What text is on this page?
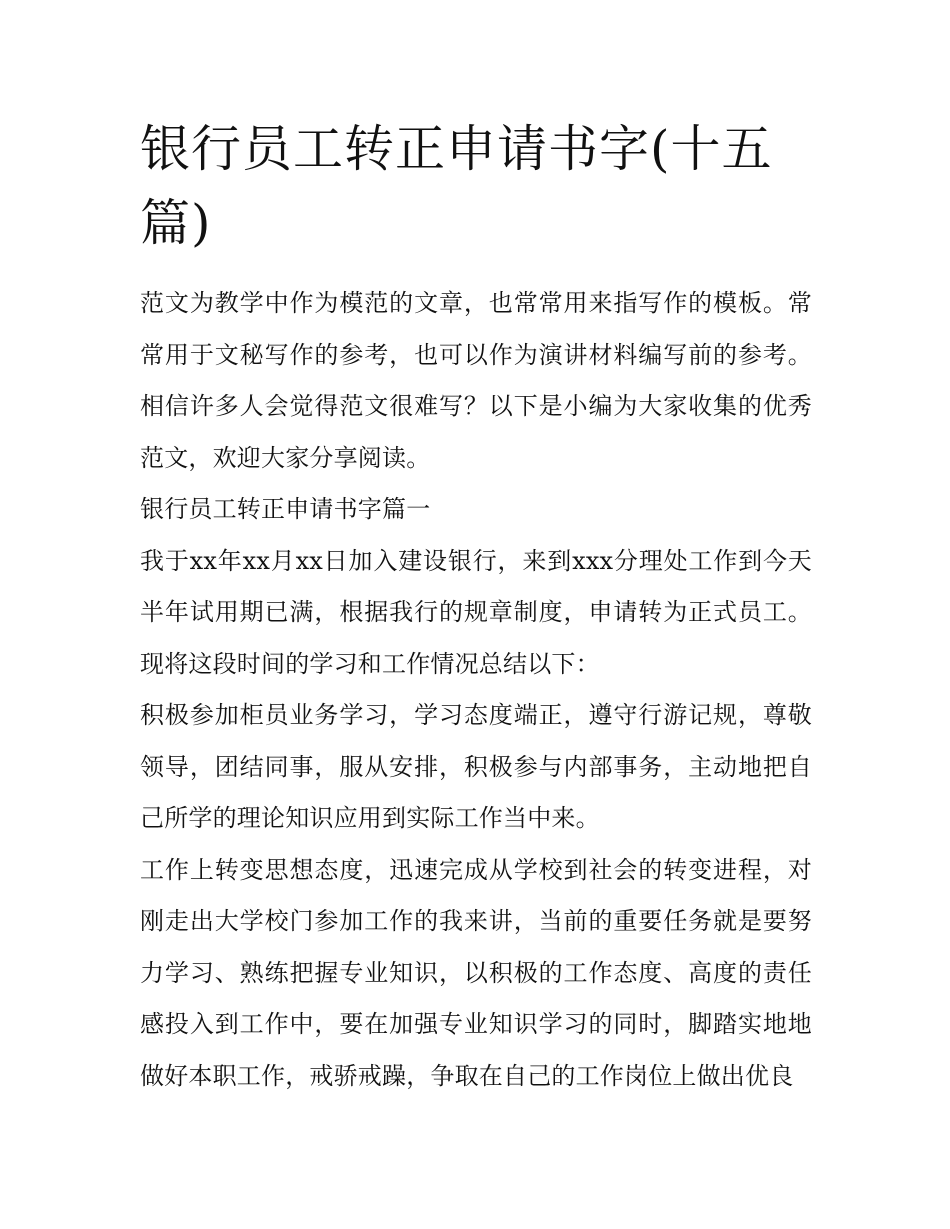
银行员工转正申请书字(十五篇)

范文为教学中作为模范的文章，也常常用来指写作的模板。常常用于文秘写作的参考，也可以作为演讲材料编写前的参考。相信许多人会觉得范文很难写？以下是小编为大家收集的优秀范文，欢迎大家分享阅读。

银行员工转正申请书字篇一

我于xx年xx月xx日加入建设银行，来到xxx分理处工作到今天半年试用期已满，根据我行的规章制度，申请转为正式员工。现将这段时间的学习和工作情况总结以下：

积极参加柜员业务学习，学习态度端正，遵守行游记规，尊敬领导，团结同事，服从安排，积极参与内部事务，主动地把自己所学的理论知识应用到实际工作当中来。

工作上转变思想态度，迅速完成从学校到社会的转变进程，对刚走出大学校门参加工作的我来讲，当前的重要任务就是要努力学习、熟练把握专业知识，以积极的工作态度、高度的责任感投入到工作中，要在加强专业知识学习的同时，脚踏实地地做好本职工作，戒骄戒躁，争取在自己的工作岗位上做出优良
